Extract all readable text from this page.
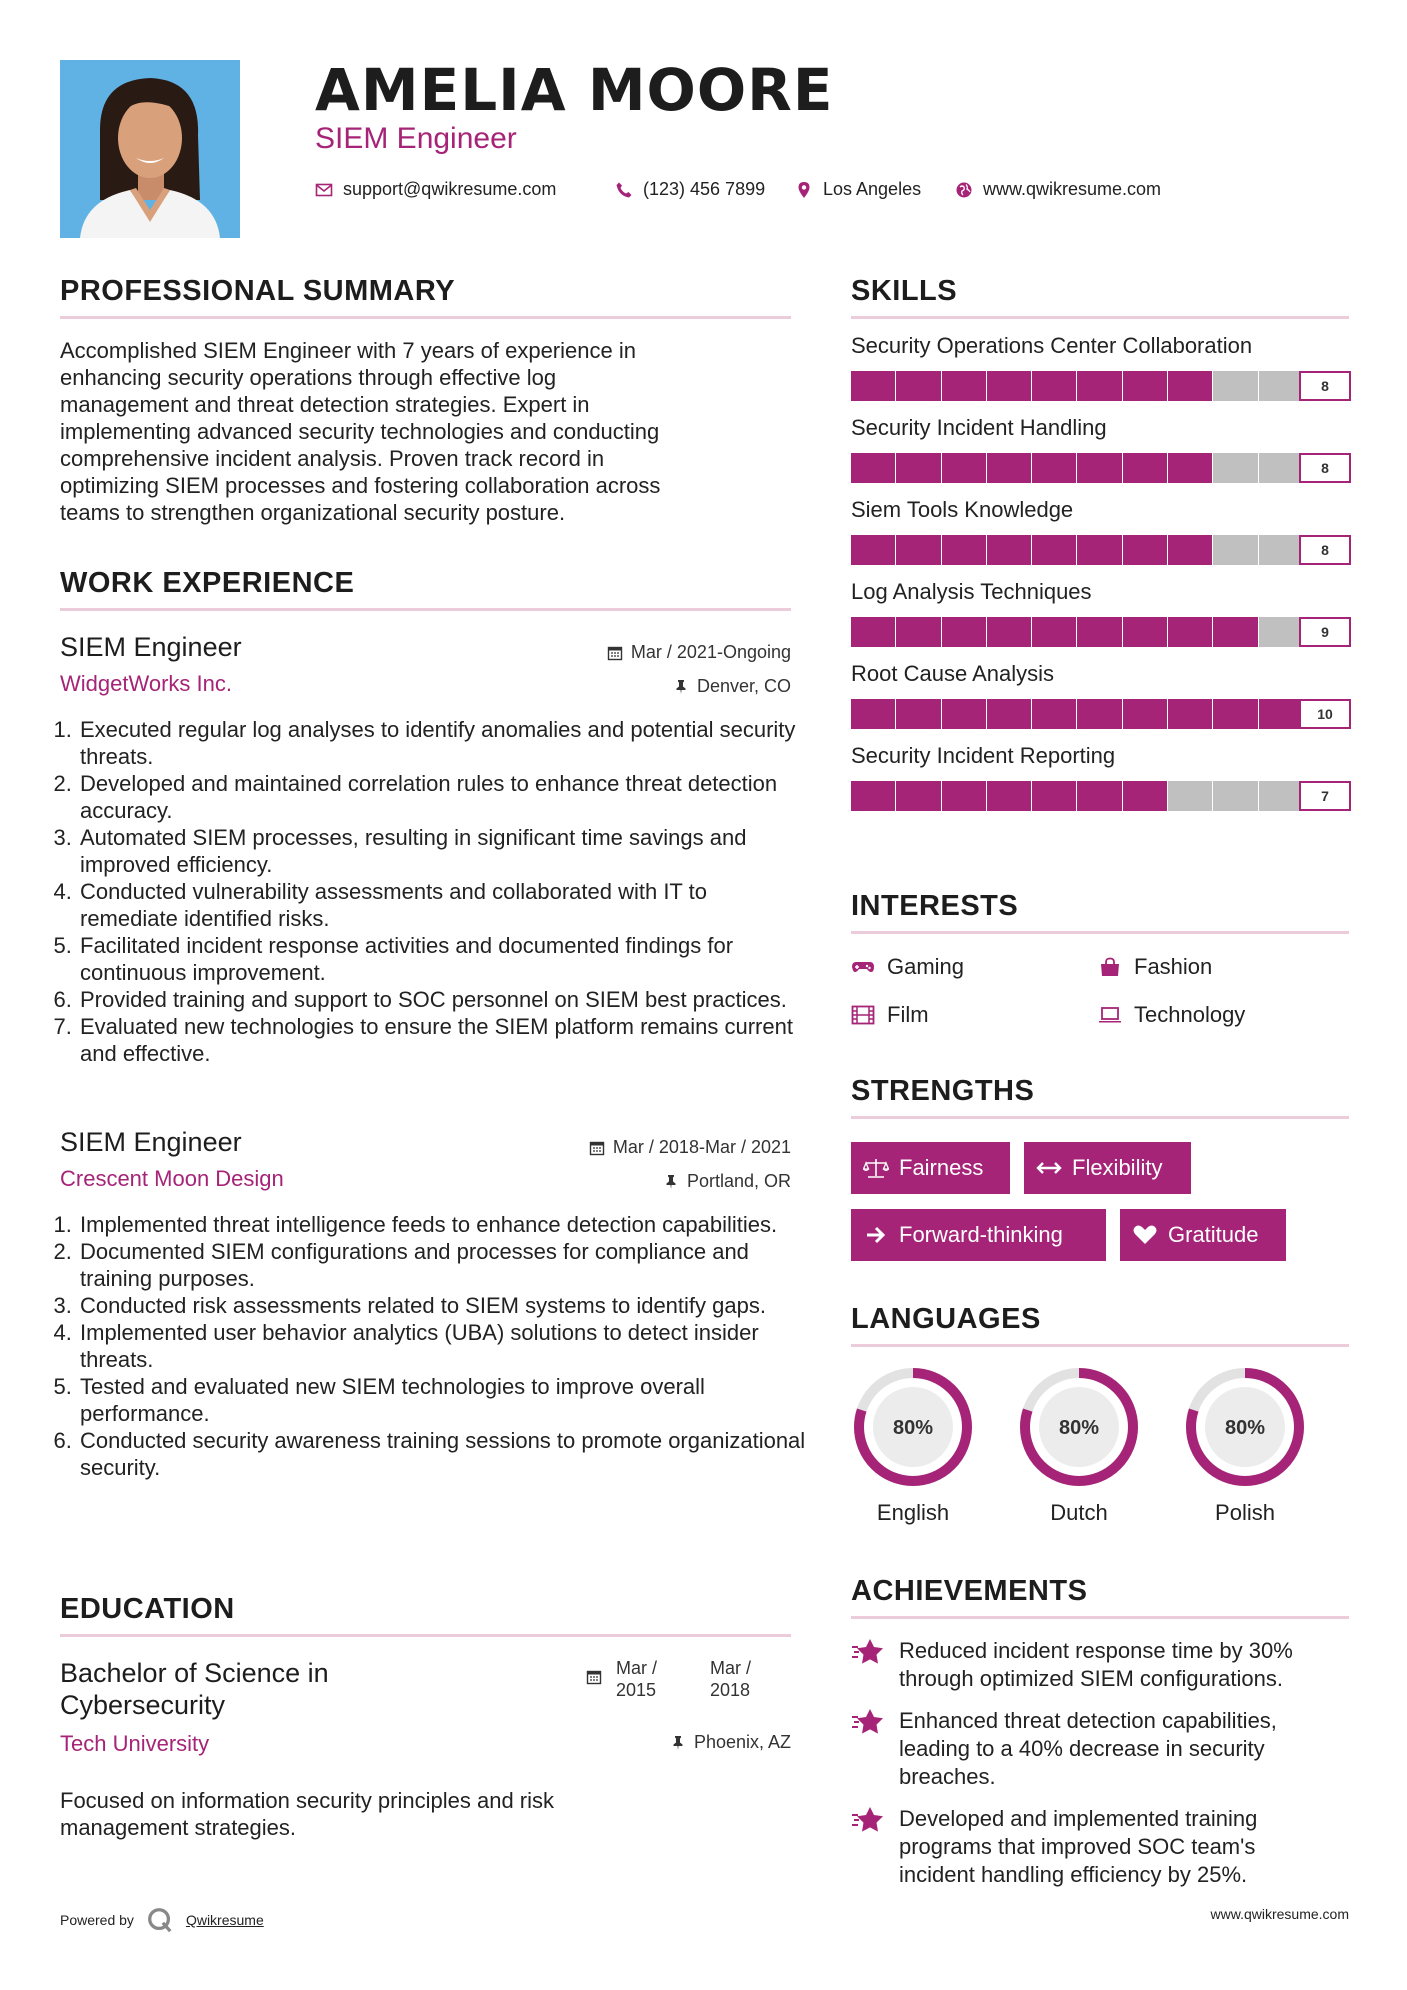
AMELIA MOORE
SIEM Engineer
support@qwikresume.com	(123) 456 7899	Los Angeles	www.qwikresume.com
PROFESSIONAL SUMMARY
Accomplished SIEM Engineer with 7 years of experience in
enhancing security operations through effective log
management and threat detection strategies. Expert in
implementing advanced security technologies and conducting
comprehensive incident analysis. Proven track record in
optimizing SIEM processes and fostering collaboration across
teams to strengthen organizational security posture.
WORK EXPERIENCE
SIEM Engineer
WidgetWorks Inc.
Mar / 2021-Ongoing
Denver, CO
1. Executed regular log analyses to identify anomalies and potential security threats.
2. Developed and maintained correlation rules to enhance threat detection accuracy.
3. Automated SIEM processes, resulting in significant time savings and improved efficiency.
4. Conducted vulnerability assessments and collaborated with IT to remediate identified risks.
5. Facilitated incident response activities and documented findings for continuous improvement.
6. Provided training and support to SOC personnel on SIEM best practices.
7. Evaluated new technologies to ensure the SIEM platform remains current and effective.
SIEM Engineer
Crescent Moon Design
Mar / 2018-Mar / 2021
Portland, OR
1. Implemented threat intelligence feeds to enhance detection capabilities.
2. Documented SIEM configurations and processes for compliance and training purposes.
3. Conducted risk assessments related to SIEM systems to identify gaps.
4. Implemented user behavior analytics (UBA) solutions to detect insider threats.
5. Tested and evaluated new SIEM technologies to improve overall performance.
6. Conducted security awareness training sessions to promote organizational security.
EDUCATION
Bachelor of Science in
Cybersecurity
Tech University
Mar /
2015
Mar /
2018
Phoenix, AZ
Focused on information security principles and risk
management strategies.
SKILLS
Security Operations Center Collaboration
8
Security Incident Handling
8
Siem Tools Knowledge
8
Log Analysis Techniques
9
Root Cause Analysis
10
Security Incident Reporting
7
INTERESTS
Gaming	Fashion
Film	Technology
STRENGTHS
Fairness	Flexibility
Forward-thinking	Gratitude
LANGUAGES
80%
English
80%
Dutch
80%
Polish
ACHIEVEMENTS
Reduced incident response time by 30%
through optimized SIEM configurations.
Enhanced threat detection capabilities,
leading to a 40% decrease in security
breaches.
Developed and implemented training
programs that improved SOC team's
incident handling efficiency by 25%.
Powered by	Qwikresume	www.qwikresume.com
